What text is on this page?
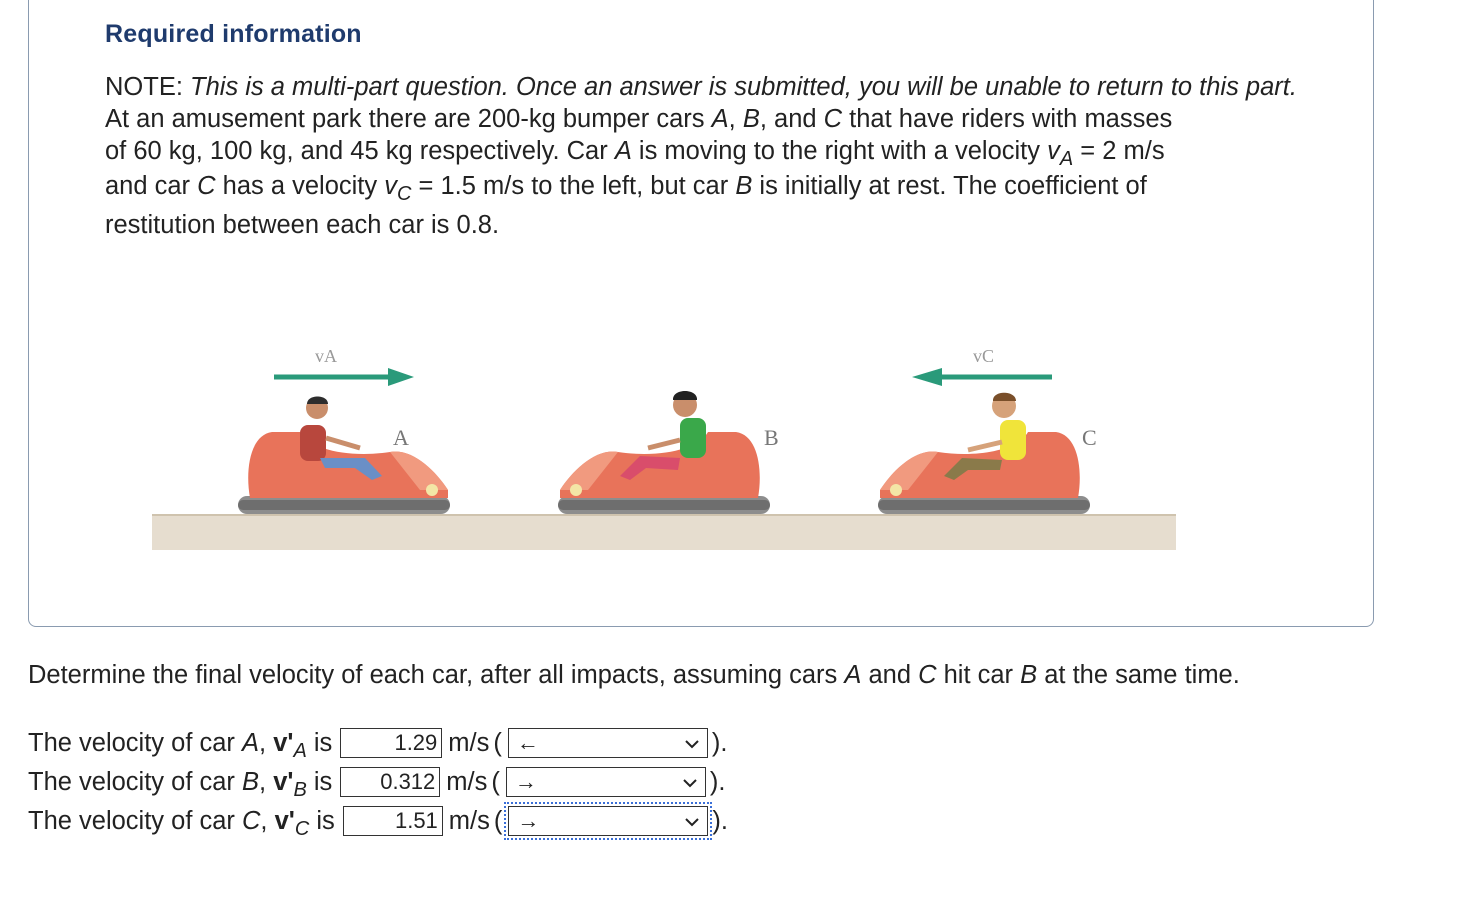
Required information
NOTE: This is a multi-part question. Once an answer is submitted, you will be unable to return to this part.
At an amusement park there are 200-kg bumper cars A, B, and C that have riders with masses
of 60 kg, 100 kg, and 45 kg respectively. Car A is moving to the right with a velocity $v_A = 2$ m/s
and car C has a velocity $v_C = 1.5$ m/s to the left, but car B is initially at rest. The coefficient of
restitution between each car is 0.8.
vA	vC
A	B	C
Determine the final velocity of each car, after all impacts, assuming cars A and C hit car B at the same time.
The velocity of car A, $v'_A$ is	1.29 m/s ( ←	).
The velocity of car B, $v'_B$ is	0.312 m/s ( →	).
The velocity of car C, $v'_C$ is	1.51 m/s ( →	).
